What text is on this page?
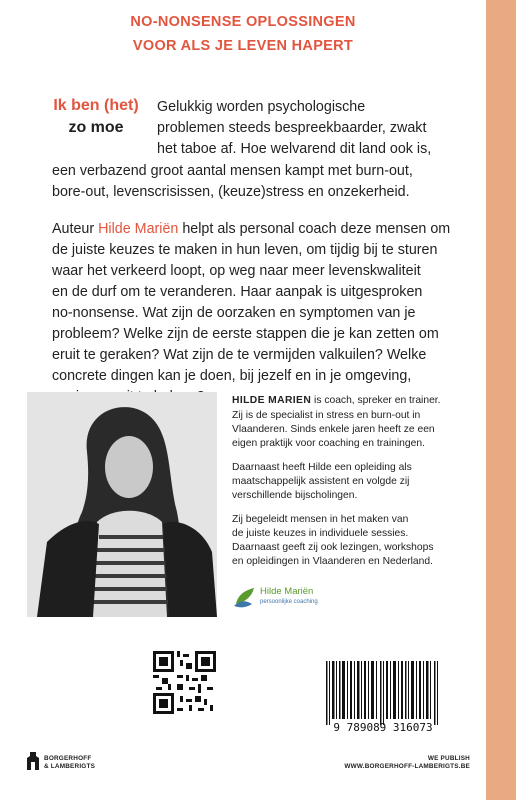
NO-NONSENSE OPLOSSINGEN
VOOR ALS JE LEVEN HAPERT
Ik ben (het)
zo moe
Gelukkig worden psychologische
problemen steeds bespreekbaarder, zwakt
het taboe af. Hoe welvarend dit land ook is,
een verbazend groot aantal mensen kampt met burn-out,
bore-out, levenscrisissen, (keuze)stress en onzekerheid.
Auteur Hilde Mariën helpt als personal coach deze mensen om
de juiste keuzes te maken in hun leven, om tijdig bij te sturen
waar het verkeerd loopt, op weg naar meer levenskwaliteit
en de durf om te veranderen. Haar aanpak is uitgesproken
no-nonsense. Wat zijn de oorzaken en symptomen van je
probleem? Welke zijn de eerste stappen die je kan zetten om
eruit te geraken? Wat zijn de te vermijden valkuilen? Welke
concrete dingen kan je doen, bij jezelf en in je omgeving,
HILDE MARIEN is coach, spreker en trainer.
Zij is de specialist in stress en burn-out in
Vlaanderen. Sinds enkele jaren heeft ze een
eigen praktijk voor coaching en trainingen.
Daarnaast heeft Hilde een opleiding als
maatschappelijk assistent en volgde zij
verschillende bijscholingen.
Zij begeleidt mensen in het maken van
de juiste keuzes in individuele sessies.
Daarnaast geeft zij ook lezingen, workshops
en opleidingen in Vlaanderen en Nederland.
Hilde Mariën
persoonlijke coaching
9 789089 316073
BORGERHOFF
& LAMBERIGTS
WE PUBLISH
WWW.BORGERHOFF-LAMBERIGTS.BE
